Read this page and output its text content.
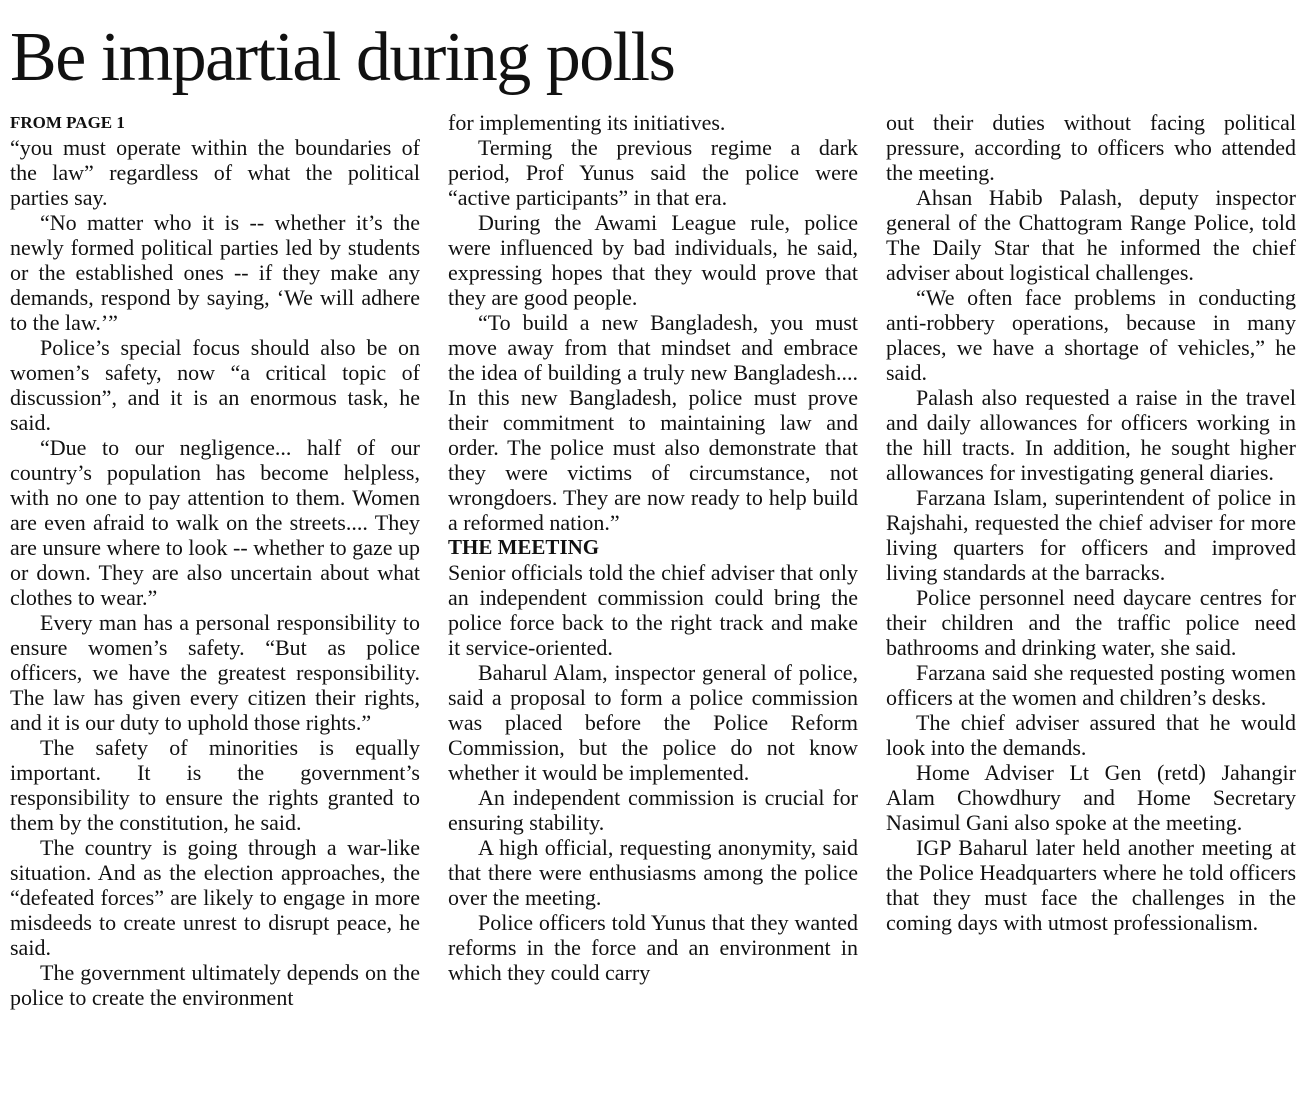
Be impartial during polls
FROM PAGE 1

“you must operate within the boundaries of the law” regardless of what the political parties say.

“No matter who it is -- whether it’s the newly formed political parties led by students or the established ones -- if they make any demands, respond by saying, ‘We will adhere to the law.’”

Police’s special focus should also be on women’s safety, now “a critical topic of discussion”, and it is an enormous task, he said.

“Due to our negligence... half of our country’s population has become helpless, with no one to pay attention to them. Women are even afraid to walk on the streets.... They are unsure where to look -- whether to gaze up or down. They are also uncertain about what clothes to wear.”

Every man has a personal responsibility to ensure women’s safety. “But as police officers, we have the greatest responsibility. The law has given every citizen their rights, and it is our duty to uphold those rights.”

The safety of minorities is equally important. It is the government’s responsibility to ensure the rights granted to them by the constitution, he said.

The country is going through a war-like situation. And as the election approaches, the “defeated forces” are likely to engage in more misdeeds to create unrest to disrupt peace, he said.

The government ultimately depends on the police to create the environment

for implementing its initiatives.

Terming the previous regime a dark period, Prof Yunus said the police were “active participants” in that era.

During the Awami League rule, police were influenced by bad individuals, he said, expressing hopes that they would prove that they are good people.

“To build a new Bangladesh, you must move away from that mindset and embrace the idea of building a truly new Bangladesh.... In this new Bangladesh, police must prove their commitment to maintaining law and order. The police must also demonstrate that they were victims of circumstance, not wrongdoers. They are now ready to help build a reformed nation.”

THE MEETING

Senior officials told the chief adviser that only an independent commission could bring the police force back to the right track and make it service-oriented.

Baharul Alam, inspector general of police, said a proposal to form a police commission was placed before the Police Reform Commission, but the police do not know whether it would be implemented.

An independent commission is crucial for ensuring stability.

A high official, requesting anonymity, said that there were enthusiasms among the police over the meeting.

Police officers told Yunus that they wanted reforms in the force and an environment in which they could carry

out their duties without facing political pressure, according to officers who attended the meeting.

Ahsan Habib Palash, deputy inspector general of the Chattogram Range Police, told The Daily Star that he informed the chief adviser about logistical challenges.

“We often face problems in conducting anti-robbery operations, because in many places, we have a shortage of vehicles,” he said.

Palash also requested a raise in the travel and daily allowances for officers working in the hill tracts. In addition, he sought higher allowances for investigating general diaries.

Farzana Islam, superintendent of police in Rajshahi, requested the chief adviser for more living quarters for officers and improved living standards at the barracks.

Police personnel need daycare centres for their children and the traffic police need bathrooms and drinking water, she said.

Farzana said she requested posting women officers at the women and children’s desks.

The chief adviser assured that he would look into the demands.

Home Adviser Lt Gen (retd) Jahangir Alam Chowdhury and Home Secretary Nasimul Gani also spoke at the meeting.

IGP Baharul later held another meeting at the Police Headquarters where he told officers that they must face the challenges in the coming days with utmost professionalism.
